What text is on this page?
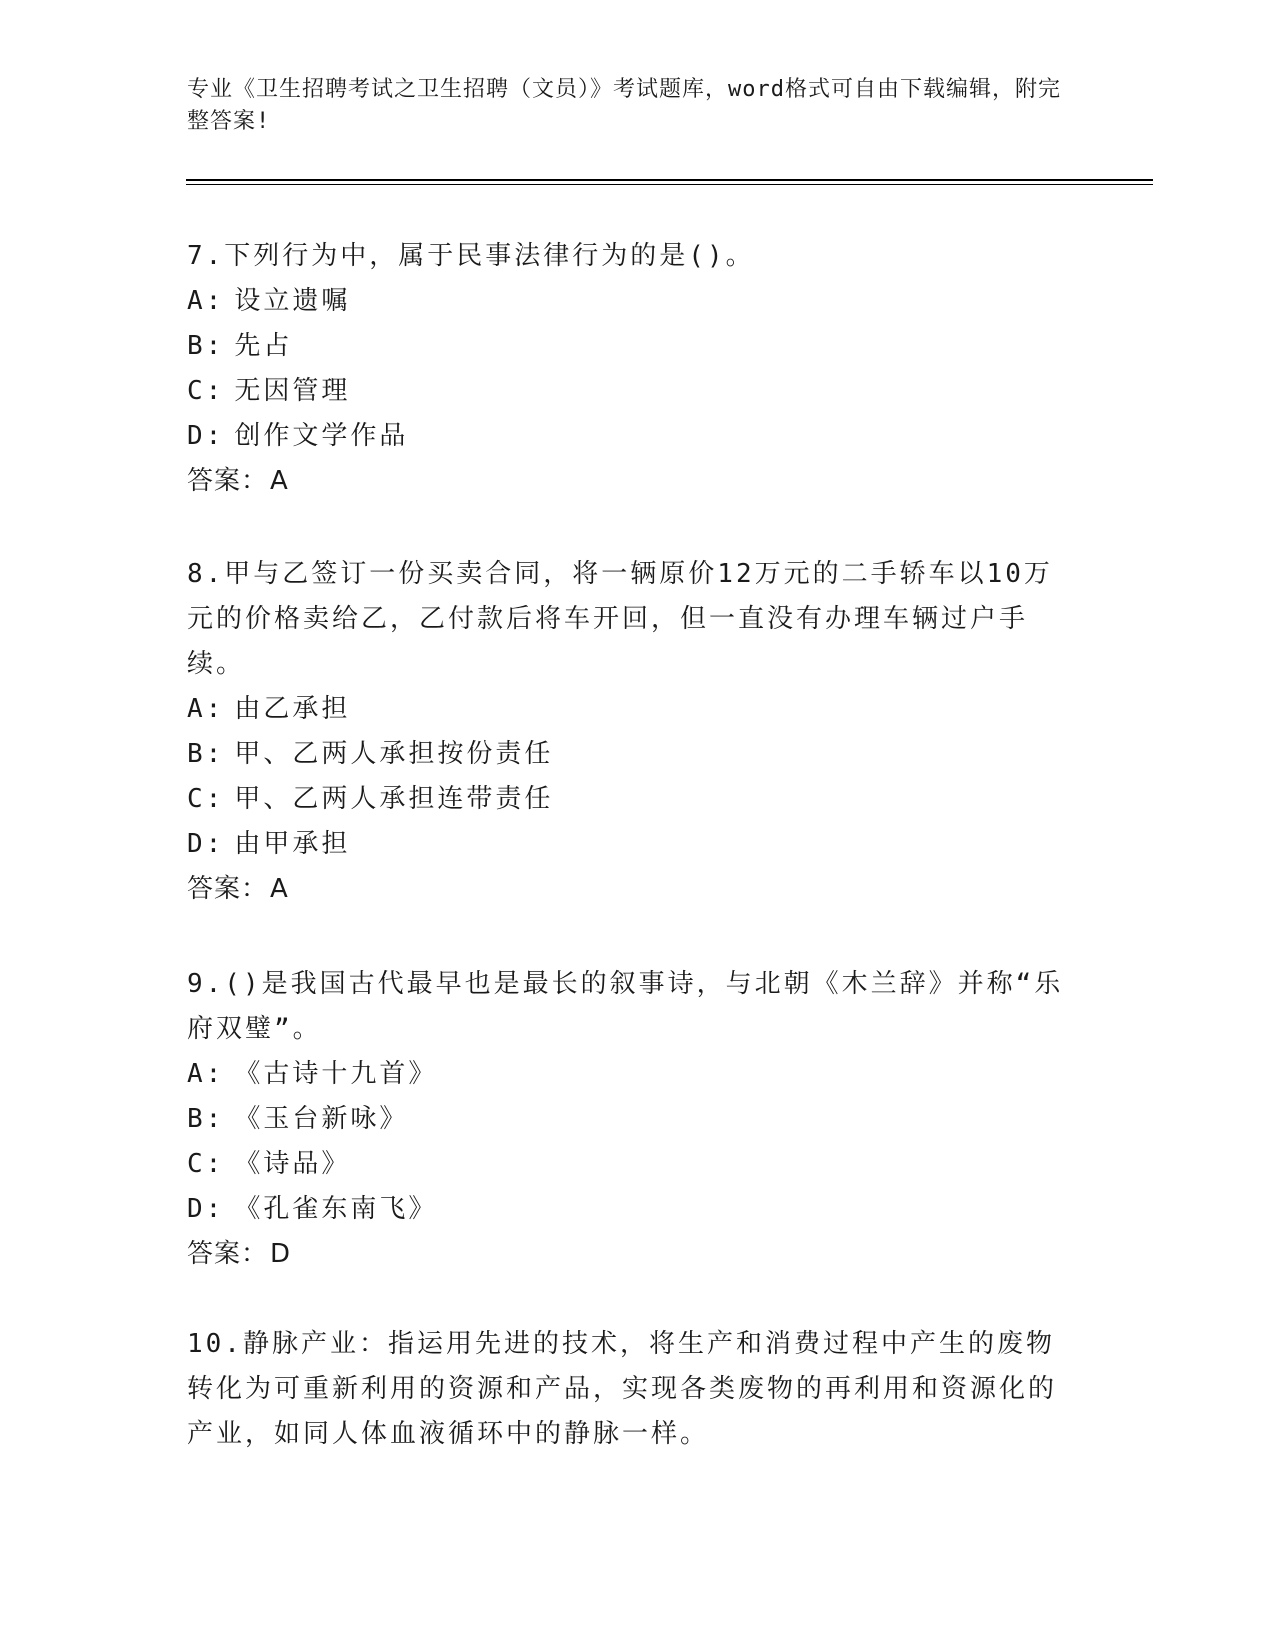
专业《卫生招聘考试之卫生招聘（文员）》考试题库，word格式可自由下载编辑，附完整答案!
7.下列行为中，属于民事法律行为的是()。
A: 设立遗嘱
B: 先占
C: 无因管理
D: 创作文学作品
答案：A
8.甲与乙签订一份买卖合同，将一辆原价12万元的二手轿车以10万元的价格卖给乙，乙付款后将车开回，但一直没有办理车辆过户手续。
A: 由乙承担
B: 甲、乙两人承担按份责任
C: 甲、乙两人承担连带责任
D: 由甲承担
答案：A
9.()是我国古代最早也是最长的叙事诗，与北朝《木兰辞》并称“乐府双璧”。
A: 《古诗十九首》
B: 《玉台新咏》
C: 《诗品》
D: 《孔雀东南飞》
答案：D
10.静脉产业：指运用先进的技术，将生产和消费过程中产生的废物转化为可重新利用的资源和产品，实现各类废物的再利用和资源化的产业，如同人体血液循环中的静脉一样。
